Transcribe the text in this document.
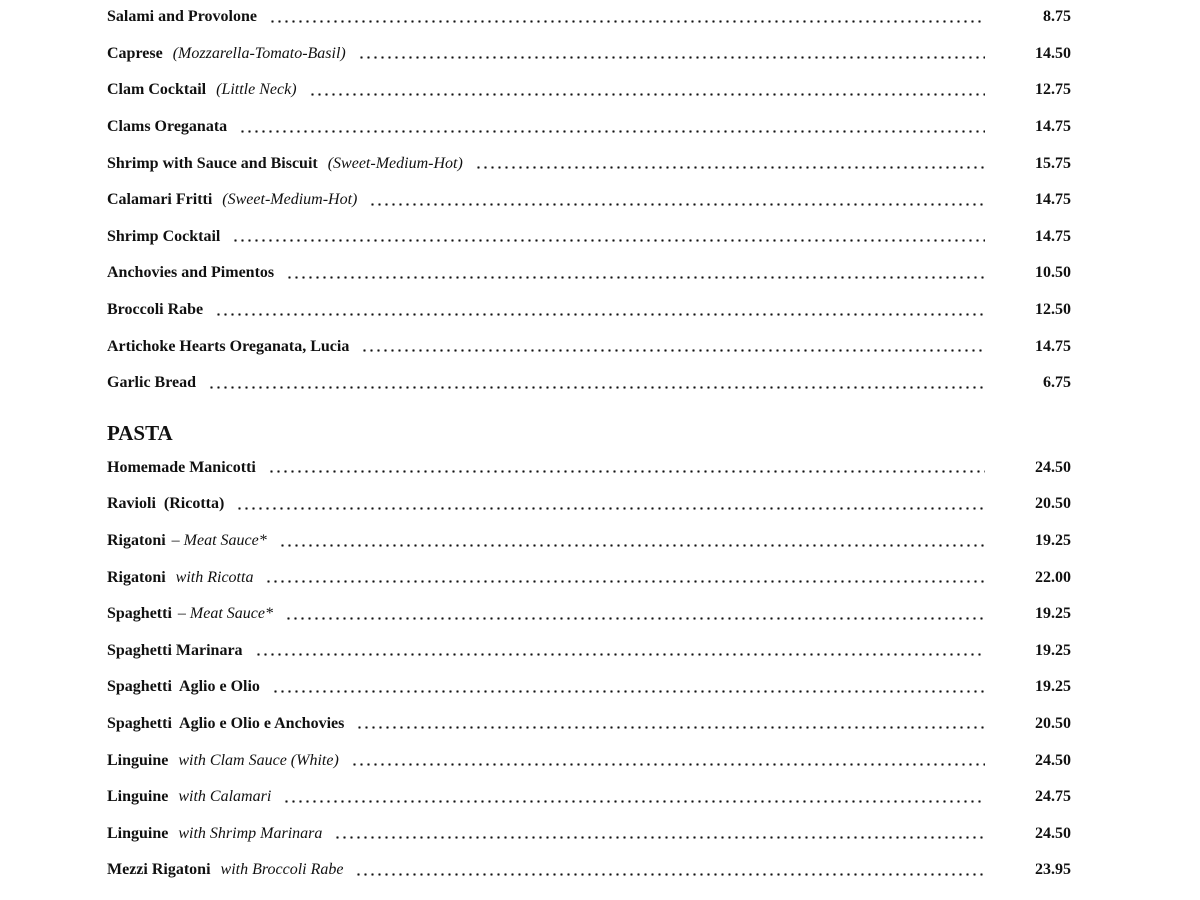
Salami and Provolone	8.75
Caprese (Mozzarella-Tomato-Basil)	14.50
Clam Cocktail (Little Neck)	12.75
Clams Oreganata	14.75
Shrimp with Sauce and Biscuit (Sweet-Medium-Hot)	15.75
Calamari Fritti (Sweet-Medium-Hot)	14.75
Shrimp Cocktail	14.75
Anchovies and Pimentos	10.50
Broccoli Rabe	12.50
Artichoke Hearts Oreganata, Lucia	14.75
Garlic Bread	6.75
PASTA
Homemade Manicotti	24.50
Ravioli  (Ricotta)	20.50
Rigatoni – Meat Sauce*	19.25
Rigatoni with Ricotta	22.00
Spaghetti – Meat Sauce*	19.25
Spaghetti Marinara	19.25
Spaghetti  Aglio e Olio	19.25
Spaghetti  Aglio e Olio e Anchovies	20.50
Linguine with Clam Sauce (White)	24.50
Linguine with Calamari	24.75
Linguine with Shrimp Marinara	24.50
Mezzi Rigatoni with Broccoli Rabe	23.95
